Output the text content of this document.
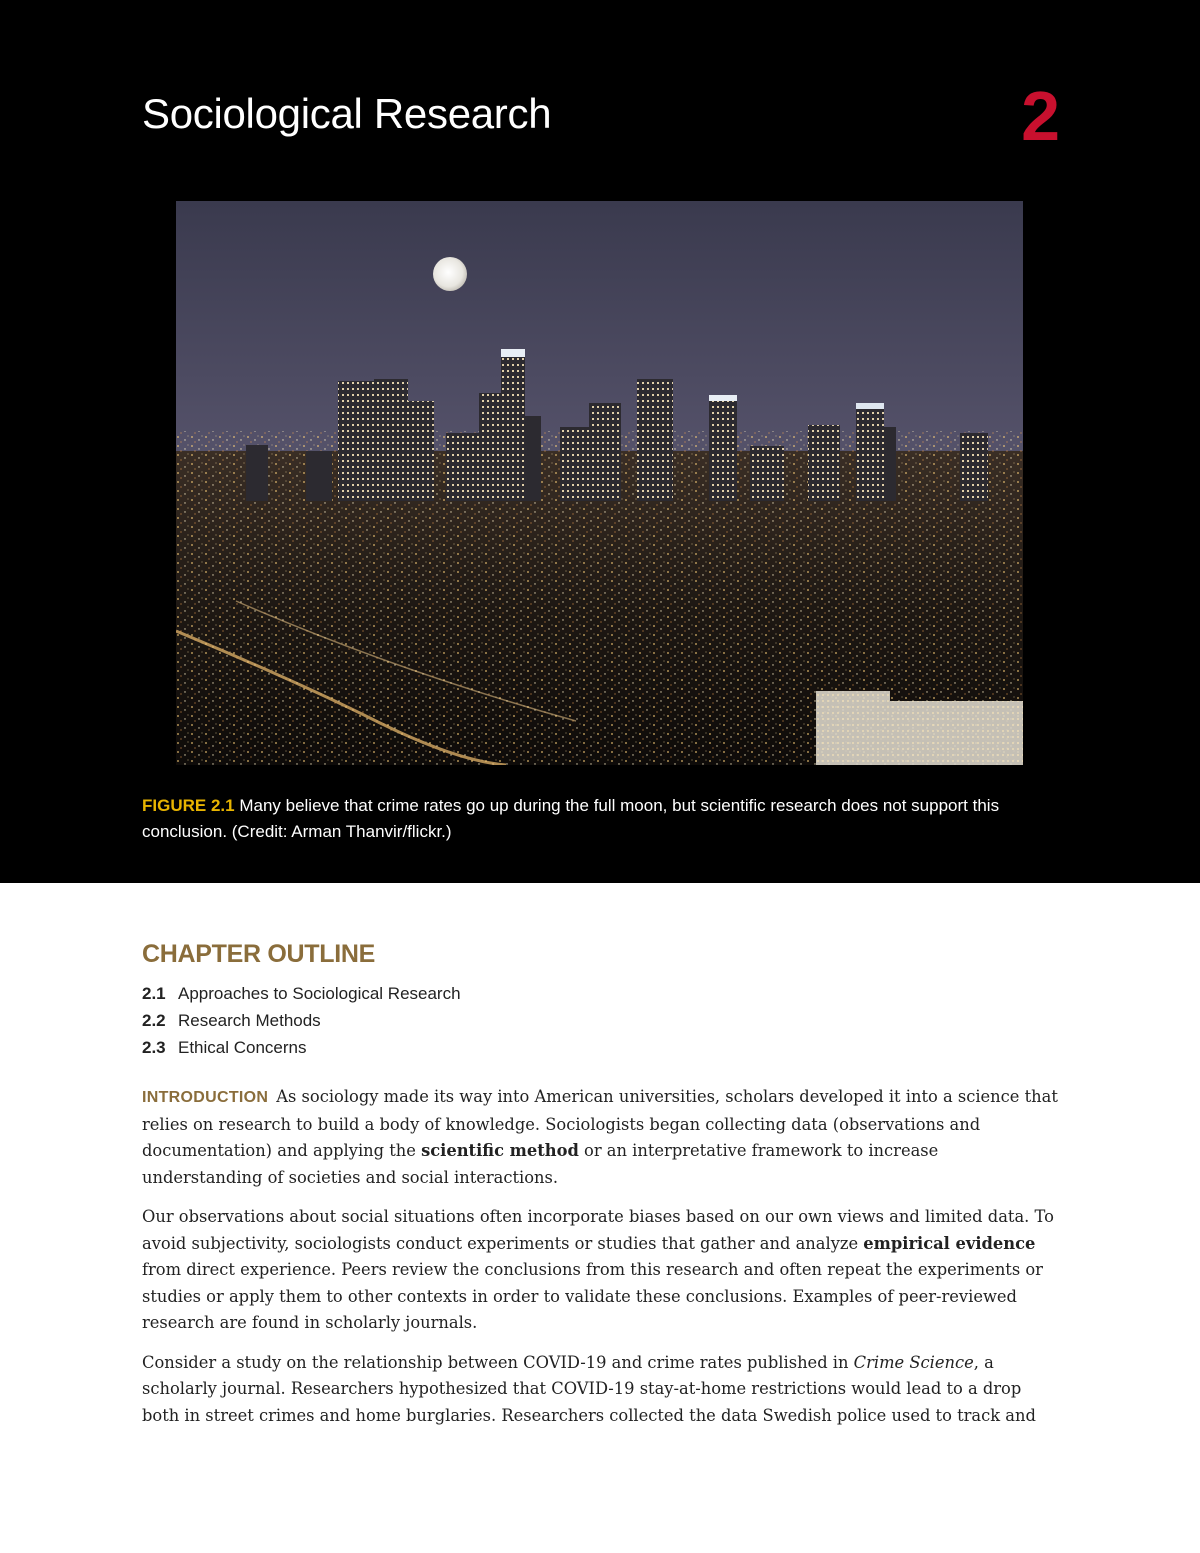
Sociological Research	2

FIGURE 2.1 Many believe that crime rates go up during the full moon, but scientific research does not support this conclusion. (Credit: Arman Thanvir/flickr.)

CHAPTER OUTLINE
2.1 Approaches to Sociological Research
2.2 Research Methods
2.3 Ethical Concerns

INTRODUCTION As sociology made its way into American universities, scholars developed it into a science that relies on research to build a body of knowledge. Sociologists began collecting data (observations and documentation) and applying the scientific method or an interpretative framework to increase understanding of societies and social interactions.

Our observations about social situations often incorporate biases based on our own views and limited data. To avoid subjectivity, sociologists conduct experiments or studies that gather and analyze empirical evidence from direct experience. Peers review the conclusions from this research and often repeat the experiments or studies or apply them to other contexts in order to validate these conclusions. Examples of peer-reviewed research are found in scholarly journals.

Consider a study on the relationship between COVID-19 and crime rates published in Crime Science, a scholarly journal. Researchers hypothesized that COVID-19 stay-at-home restrictions would lead to a drop both in street crimes and home burglaries. Researchers collected the data Swedish police used to track and
